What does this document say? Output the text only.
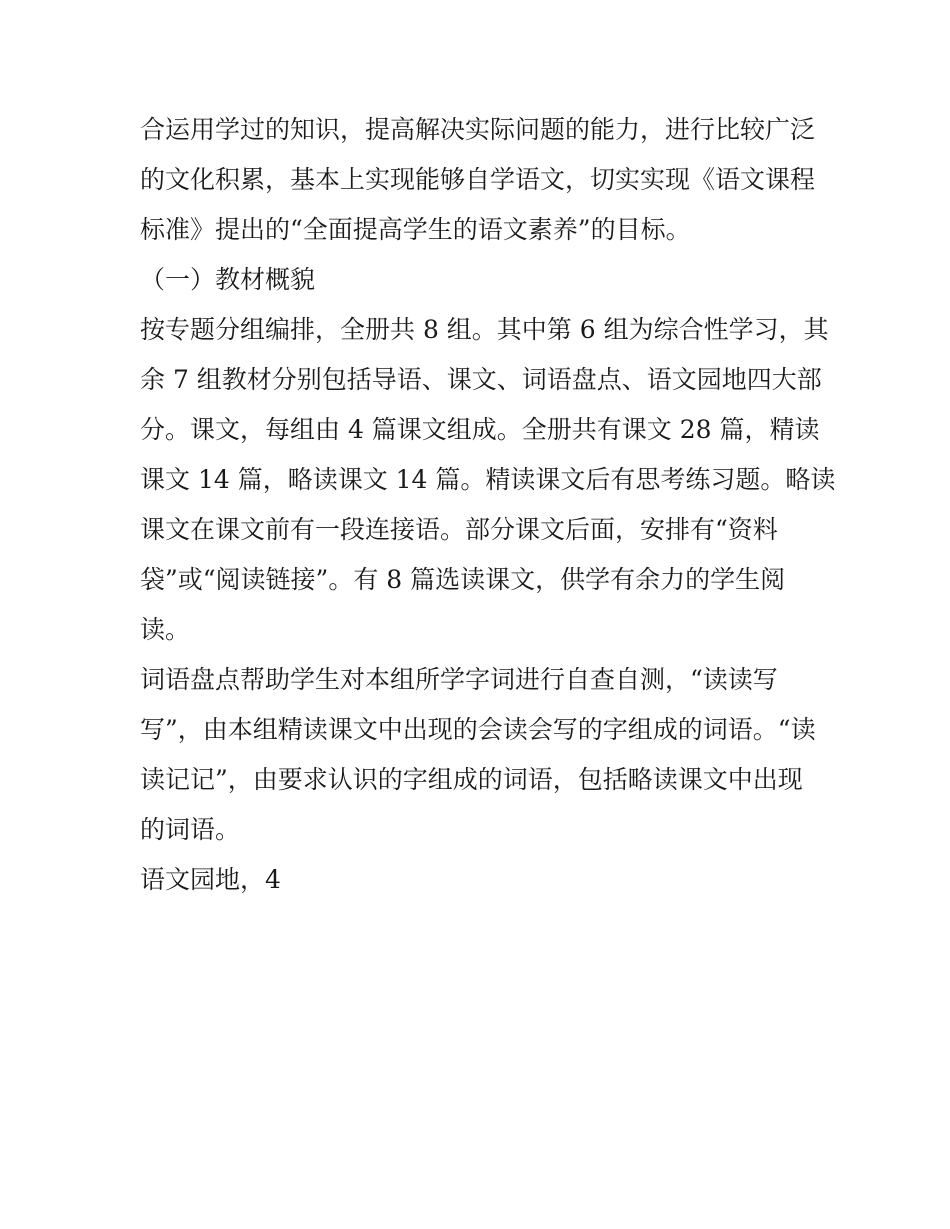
合运用学过的知识，提高解决实际问题的能力，进行比较广泛
的文化积累，基本上实现能够自学语文，切实实现《语文课程
标准》提出的“全面提高学生的语文素养”的目标。

（一）教材概貌

按专题分组编排，全册共 8 组。其中第 6 组为综合性学习，其
余 7 组教材分别包括导语、课文、词语盘点、语文园地四大部
分。课文，每组由 4 篇课文组成。全册共有课文 28 篇，精读
课文 14 篇，略读课文 14 篇。精读课文后有思考练习题。略读
课文在课文前有一段连接语。部分课文后面，安排有“资料
袋”或“阅读链接”。有 8 篇选读课文，供学有余力的学生阅
读。

词语盘点帮助学生对本组所学字词进行自查自测，“读读写
写”，由本组精读课文中出现的会读会写的字组成的词语。“读
读记记”，由要求认识的字组成的词语，包括略读课文中出现
的词语。

语文园地，4
